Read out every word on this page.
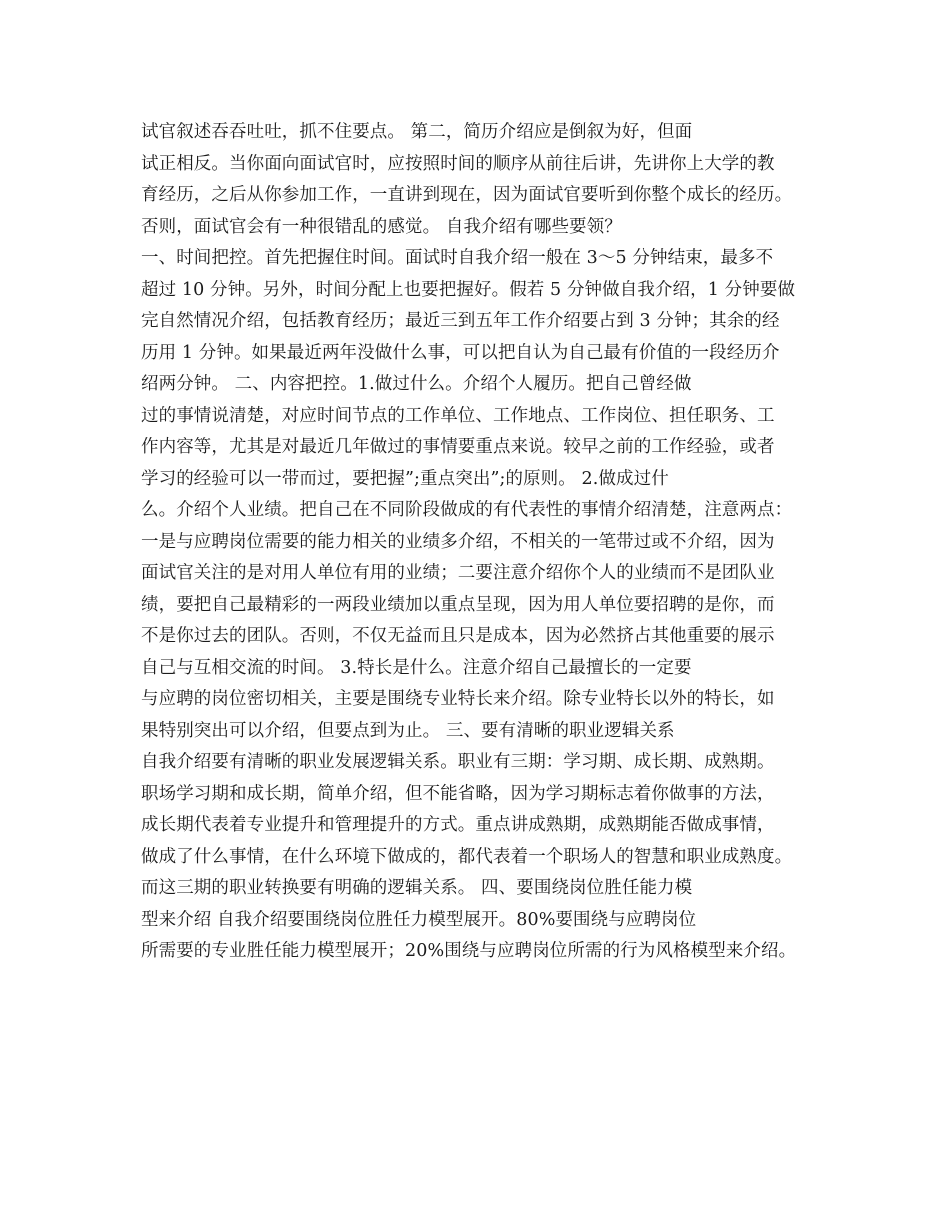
试官叙述吞吞吐吐，抓不住要点。 第二，简历介绍应是倒叙为好，但面
试正相反。当你面向面试官时，应按照时间的顺序从前往后讲，先讲你上大学的教
育经历，之后从你参加工作，一直讲到现在，因为面试官要听到你整个成长的经历。
否则，面试官会有一种很错乱的感觉。 自我介绍有哪些要领？
一、时间把控。首先把握住时间。面试时自我介绍一般在 3～5 分钟结束，最多不
超过 10 分钟。另外，时间分配上也要把握好。假若 5 分钟做自我介绍，1 分钟要做
完自然情况介绍，包括教育经历；最近三到五年工作介绍要占到 3 分钟；其余的经
历用 1 分钟。如果最近两年没做什么事，可以把自认为自己最有价值的一段经历介
绍两分钟。 二、内容把控。1.做过什么。介绍个人履历。把自己曾经做
过的事情说清楚，对应时间节点的工作单位、工作地点、工作岗位、担任职务、工
作内容等，尤其是对最近几年做过的事情要重点来说。较早之前的工作经验，或者
学习的经验可以一带而过，要把握”;重点突出”;的原则。 2.做成过什
么。介绍个人业绩。把自己在不同阶段做成的有代表性的事情介绍清楚，注意两点：
一是与应聘岗位需要的能力相关的业绩多介绍，不相关的一笔带过或不介绍，因为
面试官关注的是对用人单位有用的业绩；二要注意介绍你个人的业绩而不是团队业
绩，要把自己最精彩的一两段业绩加以重点呈现，因为用人单位要招聘的是你，而
不是你过去的团队。否则，不仅无益而且只是成本，因为必然挤占其他重要的展示
自己与互相交流的时间。 3.特长是什么。注意介绍自己最擅长的一定要
与应聘的岗位密切相关，主要是围绕专业特长来介绍。除专业特长以外的特长，如
果特别突出可以介绍，但要点到为止。 三、要有清晰的职业逻辑关系
自我介绍要有清晰的职业发展逻辑关系。职业有三期：学习期、成长期、成熟期。
职场学习期和成长期，简单介绍，但不能省略，因为学习期标志着你做事的方法，
成长期代表着专业提升和管理提升的方式。重点讲成熟期，成熟期能否做成事情，
做成了什么事情，在什么环境下做成的，都代表着一个职场人的智慧和职业成熟度。
而这三期的职业转换要有明确的逻辑关系。 四、要围绕岗位胜任能力模
型来介绍 自我介绍要围绕岗位胜任力模型展开。80%要围绕与应聘岗位
所需要的专业胜任能力模型展开；20%围绕与应聘岗位所需的行为风格模型来介绍。
